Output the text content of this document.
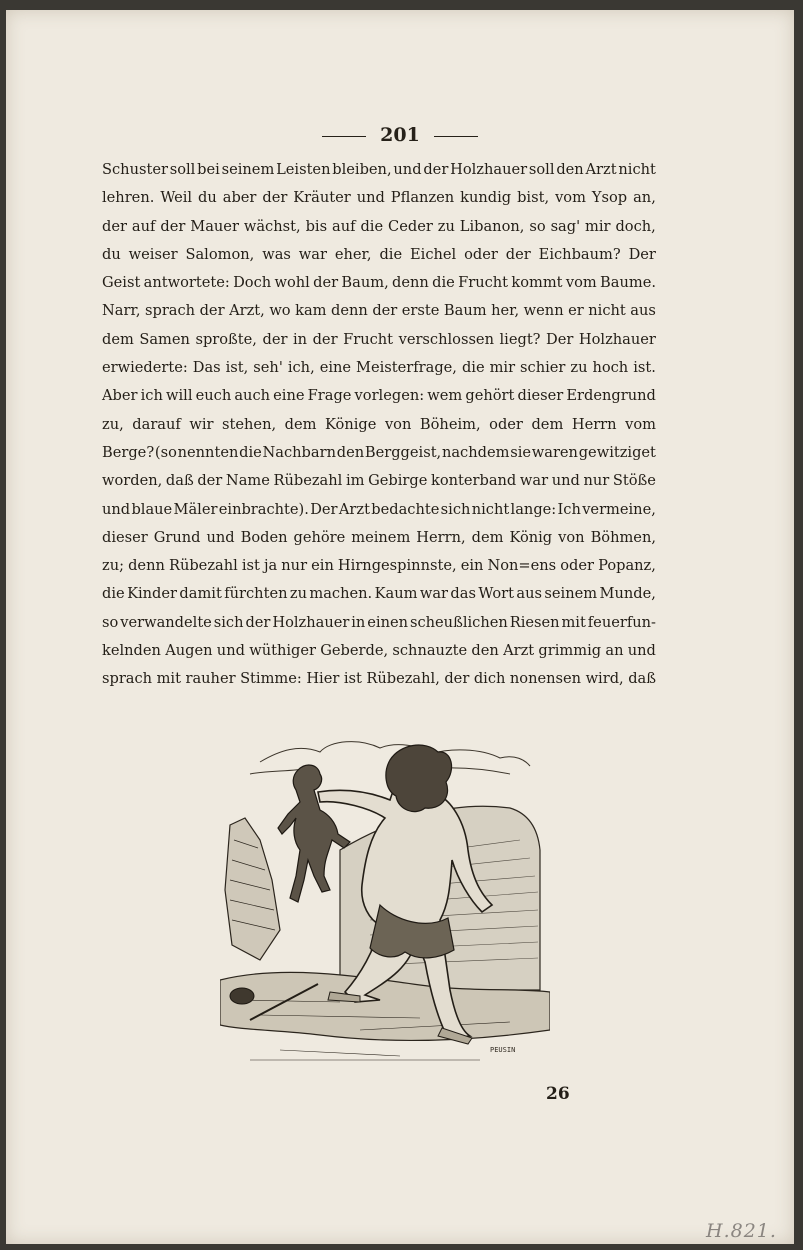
201
Schuster soll bei seinem Leisten bleiben, und der Holzhauer soll den Arzt nicht
lehren. Weil du aber der Kräuter und Pflanzen kundig bist, vom Ysop an,
der auf der Mauer wächst, bis auf die Ceder zu Libanon, so sag' mir doch,
du weiser Salomon, was war eher, die Eichel oder der Eichbaum? Der
Geist antwortete: Doch wohl der Baum, denn die Frucht kommt vom Baume.
Narr, sprach der Arzt, wo kam denn der erste Baum her, wenn er nicht aus
dem Samen sproßte, der in der Frucht verschlossen liegt? Der Holzhauer
erwiederte: Das ist, seh' ich, eine Meisterfrage, die mir schier zu hoch ist.
Aber ich will euch auch eine Frage vorlegen: wem gehört dieser Erdengrund
zu, darauf wir stehen, dem Könige von Böheim, oder dem Herrn vom
Berge? (so nennten die Nachbarn den Berggeist, nachdem sie waren gewitziget
worden, daß der Name Rübezahl im Gebirge konterband war und nur Stöße
und blaue Mäler einbrachte). Der Arzt bedachte sich nicht lange: Ich vermeine,
dieser Grund und Boden gehöre meinem Herrn, dem König von Böhmen,
zu; denn Rübezahl ist ja nur ein Hirngespinnste, ein Non=ens oder Popanz,
die Kinder damit fürchten zu machen. Kaum war das Wort aus seinem Munde,
so verwandelte sich der Holzhauer in einen scheußlichen Riesen mit feuerfun-
kelnden Augen und wüthiger Geberde, schnauzte den Arzt grimmig an und
sprach mit rauher Stimme: Hier ist Rübezahl, der dich nonensen wird, daß
PEUSIN
26
H.821.
